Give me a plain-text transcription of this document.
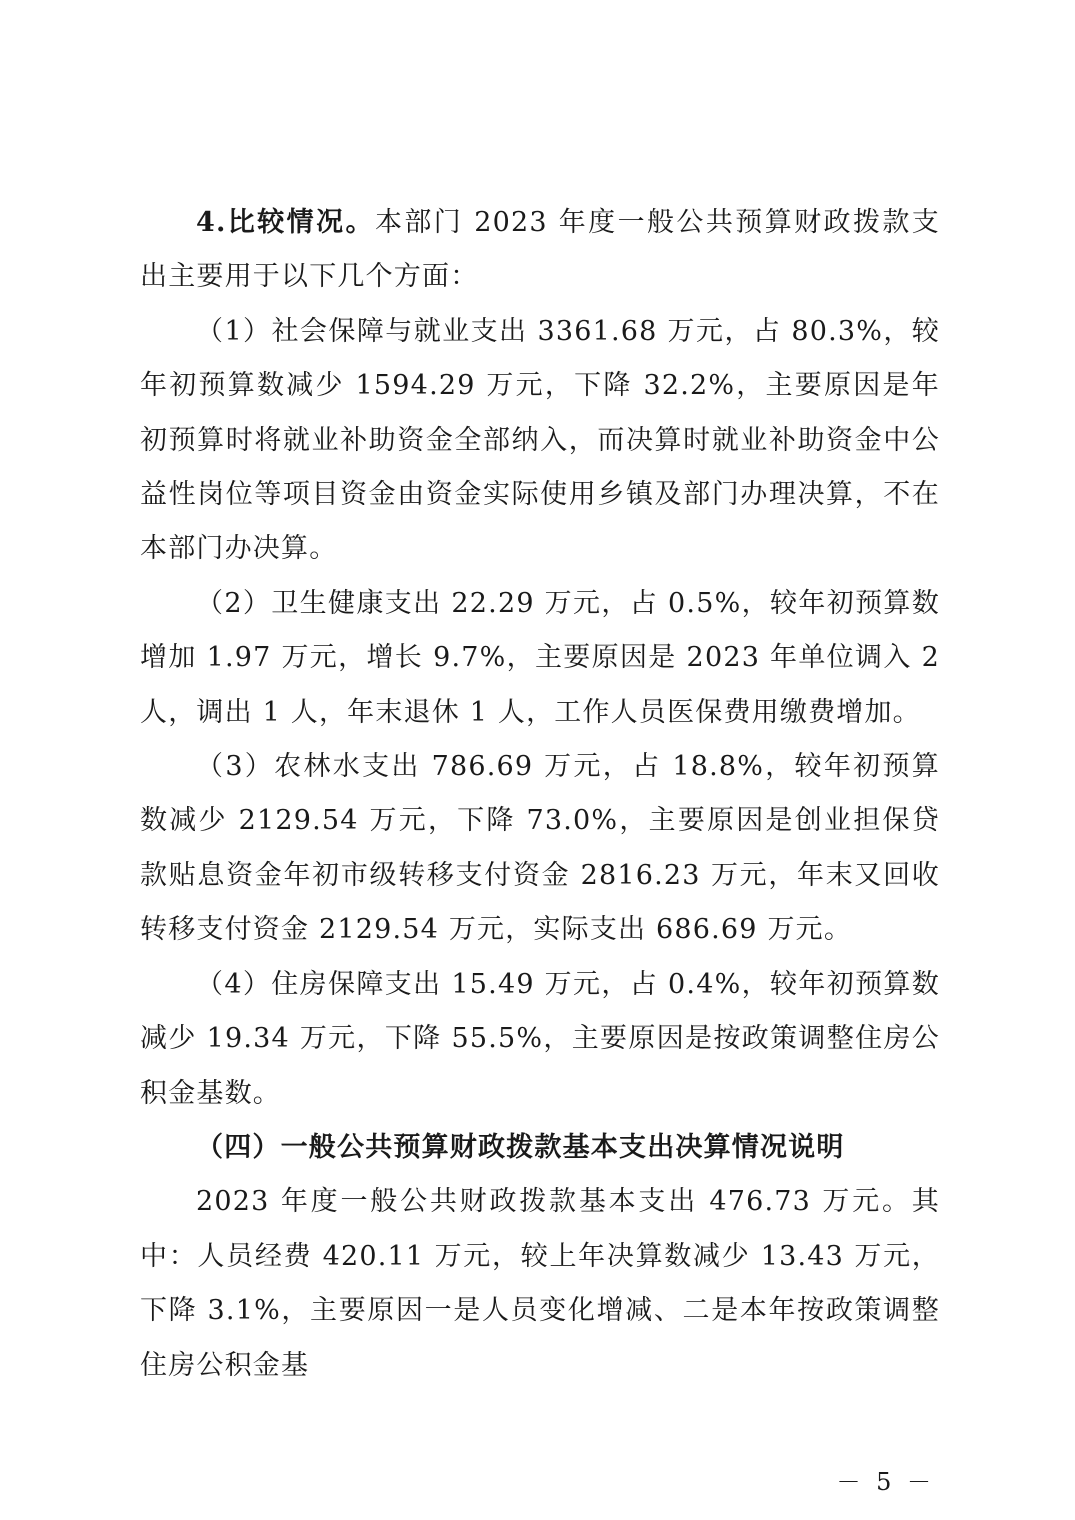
4.比较情况。本部门 2023 年度一般公共预算财政拨款支出主要用于以下几个方面：

（1）社会保障与就业支出 3361.68 万元，占 80.3%，较年初预算数减少 1594.29 万元，下降 32.2%，主要原因是年初预算时将就业补助资金全部纳入，而决算时就业补助资金中公益性岗位等项目资金由资金实际使用乡镇及部门办理决算，不在本部门办决算。

（2）卫生健康支出 22.29 万元，占 0.5%，较年初预算数增加 1.97 万元，增长 9.7%，主要原因是 2023 年单位调入 2 人，调出 1 人，年末退休 1 人，工作人员医保费用缴费增加。

（3）农林水支出 786.69 万元，占 18.8%，较年初预算数减少 2129.54 万元，下降 73.0%，主要原因是创业担保贷款贴息资金年初市级转移支付资金 2816.23 万元，年末又回收转移支付资金 2129.54 万元，实际支出 686.69 万元。

（4）住房保障支出 15.49 万元，占 0.4%，较年初预算数减少 19.34 万元，下降 55.5%，主要原因是按政策调整住房公积金基数。

（四）一般公共预算财政拨款基本支出决算情况说明

2023 年度一般公共财政拨款基本支出 476.73 万元。其中：人员经费 420.11 万元，较上年决算数减少 13.43 万元，下降 3.1%，主要原因一是人员变化增减、二是本年按政策调整住房公积金基

－ 5 －
